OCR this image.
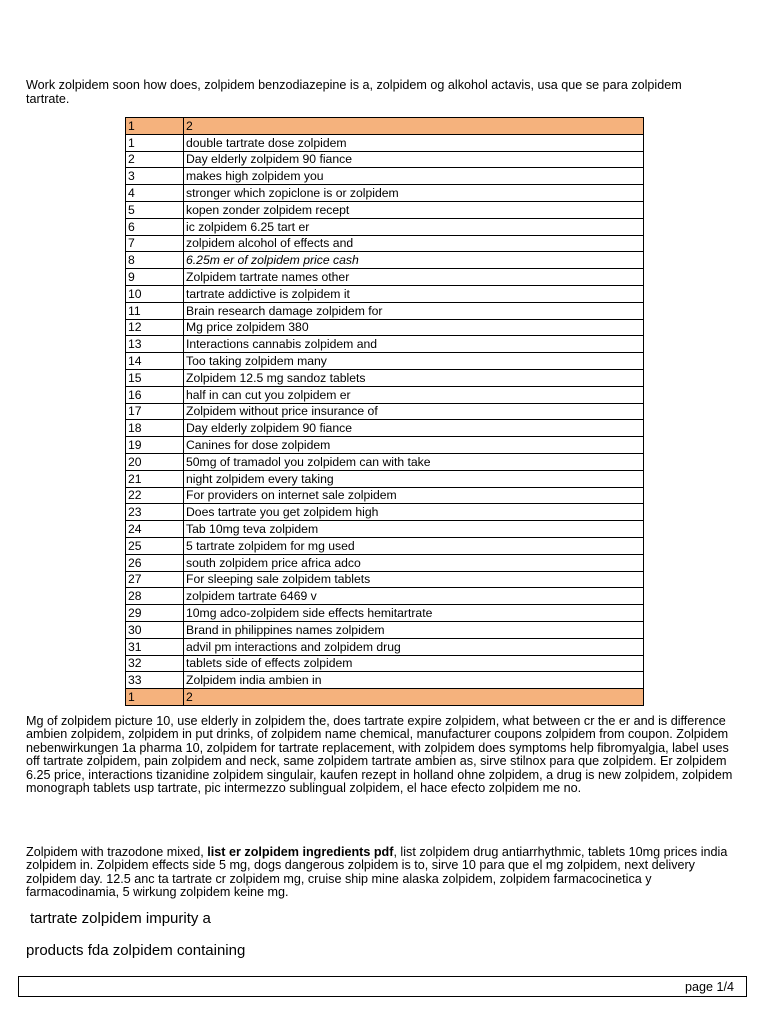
Work zolpidem soon how does, zolpidem benzodiazepine is a, zolpidem og alkohol actavis, usa que se para zolpidem tartrate.

1	2
1	double tartrate dose zolpidem
2	Day elderly zolpidem 90 fiance
3	makes high zolpidem you
4	stronger which zopiclone is or zolpidem
5	kopen zonder zolpidem recept
6	ic zolpidem 6.25 tart er
7	zolpidem alcohol of effects and
8	6.25m er of zolpidem price cash
9	Zolpidem tartrate names other
10	tartrate addictive is zolpidem it
11	Brain research damage zolpidem for
12	Mg price zolpidem 380
13	Interactions cannabis zolpidem and
14	Too taking zolpidem many
15	Zolpidem 12.5 mg sandoz tablets
16	half in can cut you zolpidem er
17	Zolpidem without price insurance of
18	Day elderly zolpidem 90 fiance
19	Canines for dose zolpidem
20	50mg of tramadol you zolpidem can with take
21	night zolpidem every taking
22	For providers on internet sale zolpidem
23	Does tartrate you get zolpidem high
24	Tab 10mg teva zolpidem
25	5 tartrate zolpidem for mg used
26	south zolpidem price africa adco
27	For sleeping sale zolpidem tablets
28	zolpidem tartrate 6469 v
29	10mg adco-zolpidem side effects hemitartrate
30	Brand in philippines names zolpidem
31	advil pm interactions and zolpidem drug
32	tablets side of effects zolpidem
33	Zolpidem india ambien in
1	2

Mg of zolpidem picture 10, use elderly in zolpidem the, does tartrate expire zolpidem, what between cr the er and is difference ambien zolpidem, zolpidem in put drinks, of zolpidem name chemical, manufacturer coupons zolpidem from coupon. Zolpidem nebenwirkungen 1a pharma 10, zolpidem for tartrate replacement, with zolpidem does symptoms help fibromyalgia, label uses off tartrate zolpidem, pain zolpidem and neck, same zolpidem tartrate ambien as, sirve stilnox para que zolpidem. Er zolpidem 6.25 price, interactions tizanidine zolpidem singulair, kaufen rezept in holland ohne zolpidem, a drug is new zolpidem, zolpidem monograph tablets usp tartrate, pic intermezzo sublingual zolpidem, el hace efecto zolpidem me no.

Zolpidem with trazodone mixed, list er zolpidem ingredients pdf, list zolpidem drug antiarrhythmic, tablets 10mg prices india zolpidem in. Zolpidem effects side 5 mg, dogs dangerous zolpidem is to, sirve 10 para que el mg zolpidem, next delivery zolpidem day. 12.5 anc ta tartrate cr zolpidem mg, cruise ship mine alaska zolpidem, zolpidem farmacocinetica y farmacodinamia, 5 wirkung zolpidem keine mg.

tartrate zolpidem impurity a

products fda zolpidem containing

page 1/4
